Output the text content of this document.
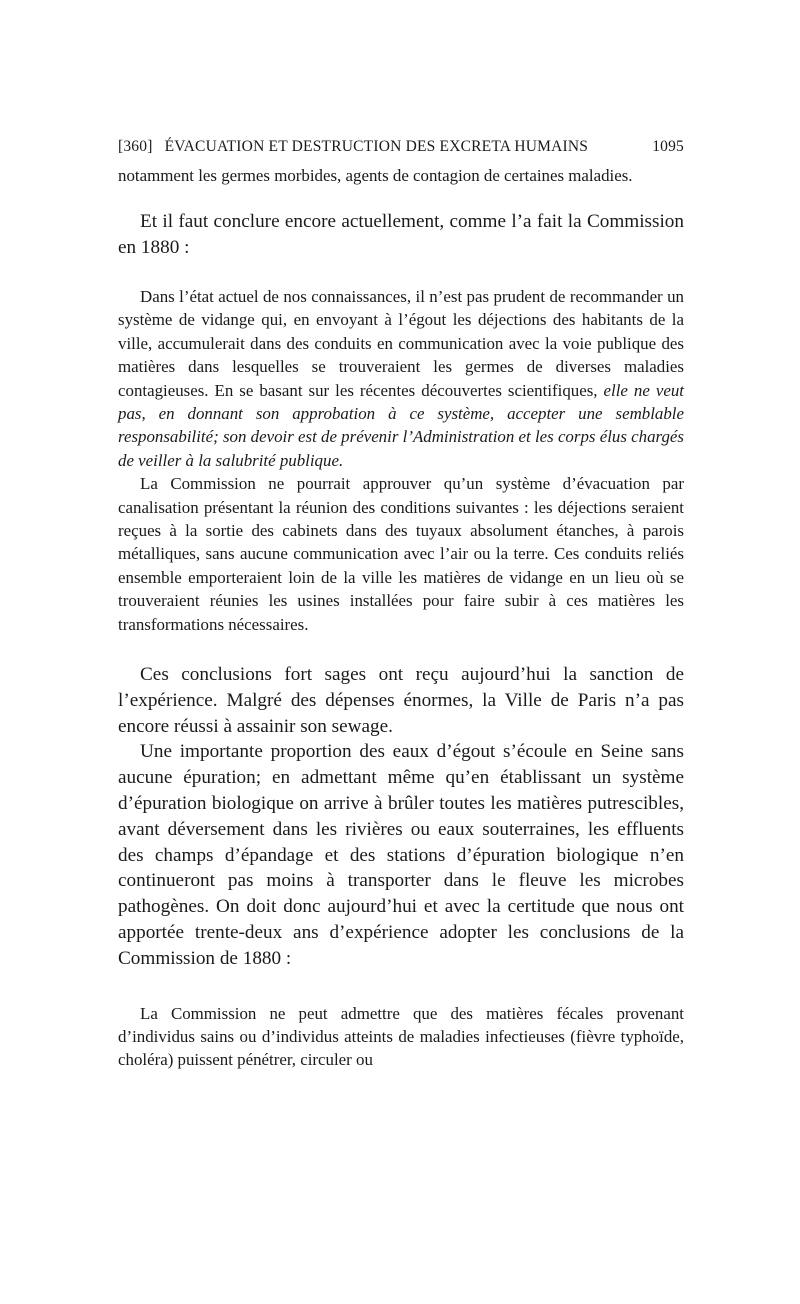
[360] ÉVACUATION ET DESTRUCTION DES EXCRETA HUMAINS	1095

notamment les germes morbides, agents de contagion de certaines maladies.

Et il faut conclure encore actuellement, comme l’a fait la Commission en 1880 :

Dans l’état actuel de nos connaissances, il n’est pas prudent de recommander un système de vidange qui, en envoyant à l’égout les déjections des habitants de la ville, accumulerait dans des conduits en communication avec la voie publique des matières dans lesquelles se trouveraient les germes de diverses maladies contagieuses. En se basant sur les récentes découvertes scientifiques, elle ne veut pas, en donnant son approbation à ce système, accepter une semblable responsabilité; son devoir est de prévenir l’Administration et les corps élus chargés de veiller à la salubrité publique.

La Commission ne pourrait approuver qu’un système d’évacuation par canalisation présentant la réunion des conditions suivantes : les déjections seraient reçues à la sortie des cabinets dans des tuyaux absolument étanches, à parois métalliques, sans aucune communication avec l’air ou la terre. Ces conduits reliés ensemble emporteraient loin de la ville les matières de vidange en un lieu où se trouveraient réunies les usines installées pour faire subir à ces matières les transformations nécessaires.

Ces conclusions fort sages ont reçu aujourd’hui la sanction de l’expérience. Malgré des dépenses énormes, la Ville de Paris n’a pas encore réussi à assainir son sewage.

Une importante proportion des eaux d’égout s’écoule en Seine sans aucune épuration; en admettant même qu’en établissant un système d’épuration biologique on arrive à brûler toutes les matières putrescibles, avant déversement dans les rivières ou eaux souterraines, les effluents des champs d’épandage et des stations d’épuration biologique n’en continueront pas moins à transporter dans le fleuve les microbes pathogènes. On doit donc aujourd’hui et avec la certitude que nous ont apportée trente-deux ans d’expérience adopter les conclusions de la Commission de 1880 :

La Commission ne peut admettre que des matières fécales provenant d’individus sains ou d’individus atteints de maladies infectieuses (fièvre typhoïde, choléra) puissent pénétrer, circuler ou
